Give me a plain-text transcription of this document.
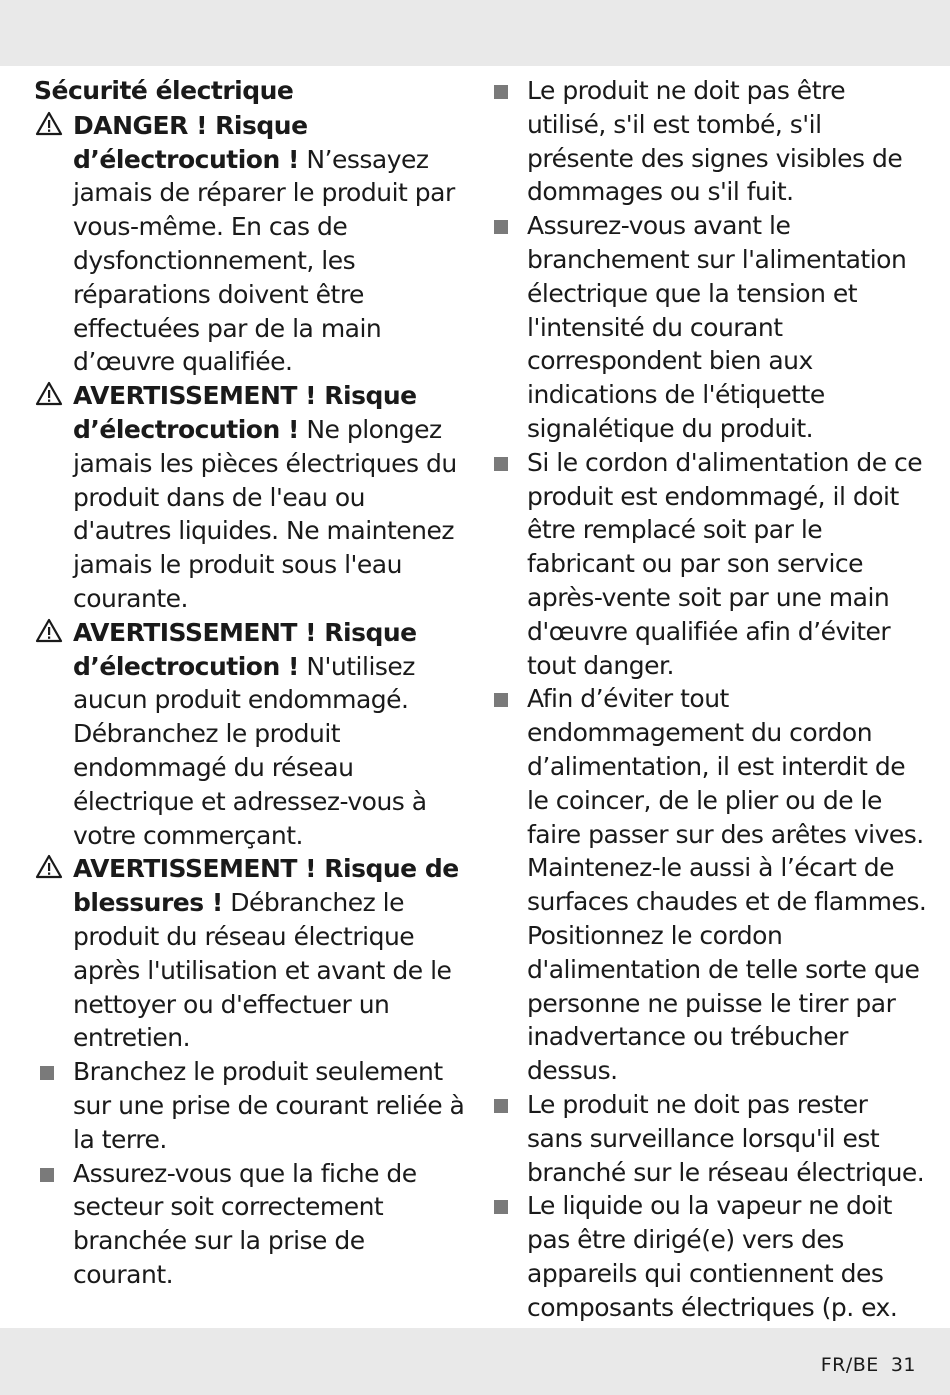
Sécurité électrique
DANGER ! Risque d’électrocution ! N’essayez jamais de réparer le produit par vous-même. En cas de dysfonctionnement, les réparations doivent être effectuées par de la main d’œuvre qualifiée.
AVERTISSEMENT ! Risque d’électrocution ! Ne plongez jamais les pièces électriques du produit dans de l'eau ou d'autres liquides. Ne maintenez jamais le produit sous l'eau courante.
AVERTISSEMENT ! Risque d’électrocution ! N'utilisez aucun produit endommagé. Débranchez le produit endommagé du réseau électrique et adressez-vous à votre commerçant.
AVERTISSEMENT ! Risque de blessures ! Débranchez le produit du réseau électrique après l'utilisation et avant de le nettoyer ou d'effectuer un entretien.
Branchez le produit seulement sur une prise de courant reliée à la terre.
Assurez-vous que la fiche de secteur soit correctement branchée sur la prise de courant.
Le produit ne doit pas être utilisé, s'il est tombé, s'il présente des signes visibles de dommages ou s'il fuit.
Assurez-vous avant le branchement sur l'alimentation électrique que la tension et l'intensité du courant correspondent bien aux indications de l'étiquette signalétique du produit.
Si le cordon d'alimentation de ce produit est endommagé, il doit être remplacé soit par le fabricant ou par son service après-vente soit par une main d'œuvre qualifiée afin d’éviter tout danger.
Afin d’éviter tout endommagement du cordon d’alimentation, il est interdit de le coincer, de le plier ou de le faire passer sur des arêtes vives. Maintenez-le aussi à l’écart de surfaces chaudes et de flammes. Positionnez le cordon d'alimentation de telle sorte que personne ne puisse le tirer par inadvertance ou trébucher dessus.
Le produit ne doit pas rester sans surveillance lorsqu'il est branché sur le réseau électrique.
Le liquide ou la vapeur ne doit pas être dirigé(e) vers des appareils qui contiennent des composants électriques (p. ex.
FR/BE 31
